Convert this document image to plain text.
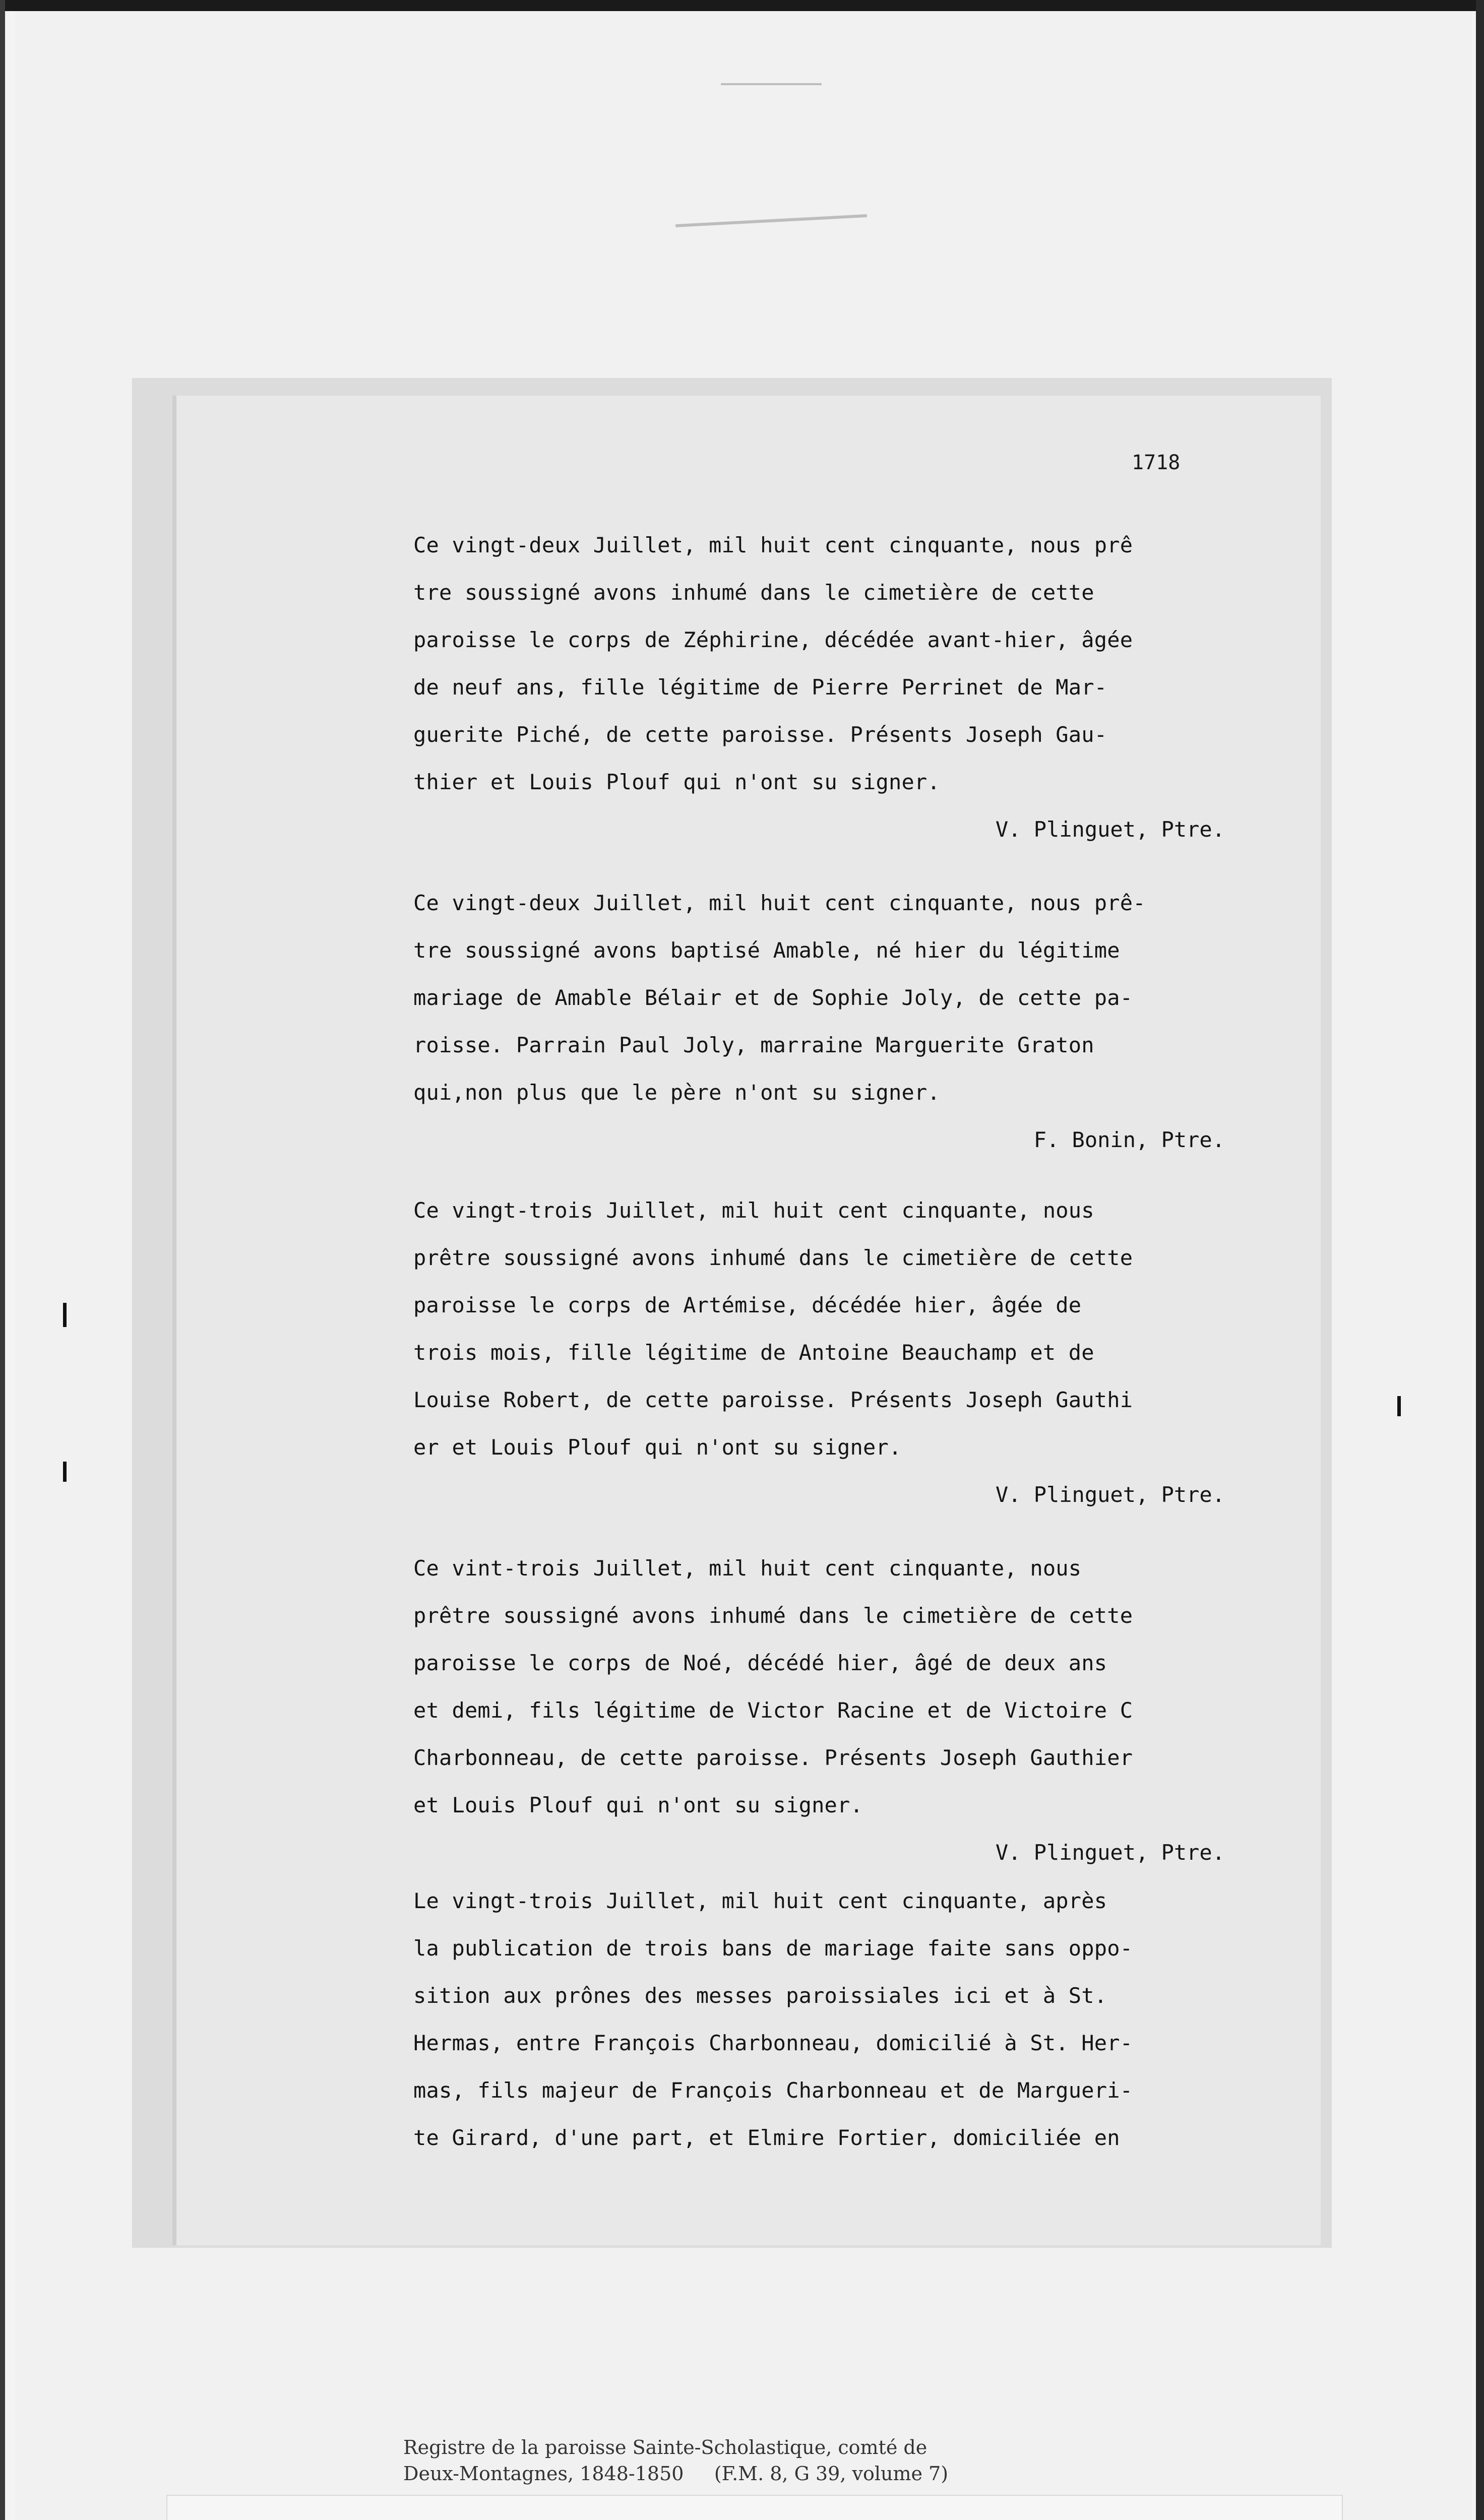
1718
Ce vingt-deux Juillet, mil huit cent cinquante, nous prê
tre soussigné avons inhumé dans le cimetière de cette
paroisse le corps de Zéphirine, décédée avant-hier, âgée
de neuf ans, fille légitime de Pierre Perrinet de Mar-
guerite Piché, de cette paroisse. Présents Joseph Gau-
thier et Louis Plouf qui n'ont su signer.
V. Plinguet, Ptre.
Ce vingt-deux Juillet, mil huit cent cinquante, nous prê-
tre soussigné avons baptisé Amable, né hier du légitime
mariage de Amable Bélair et de Sophie Joly, de cette pa-
roisse. Parrain Paul Joly, marraine Marguerite Graton
qui,non plus que le père n'ont su signer.
F. Bonin, Ptre.
Ce vingt-trois Juillet, mil huit cent cinquante, nous
prêtre soussigné avons inhumé dans le cimetière de cette
paroisse le corps de Artémise, décédée hier, âgée de
trois mois, fille légitime de Antoine Beauchamp et de
Louise Robert, de cette paroisse. Présents Joseph Gauthi
er et Louis Plouf qui n'ont su signer.
V. Plinguet, Ptre.
Ce vint-trois Juillet, mil huit cent cinquante, nous
prêtre soussigné avons inhumé dans le cimetière de cette
paroisse le corps de Noé, décédé hier, âgé de deux ans
et demi, fils légitime de Victor Racine et de Victoire C
Charbonneau, de cette paroisse. Présents Joseph Gauthier
et Louis Plouf qui n'ont su signer.
V. Plinguet, Ptre.
Le vingt-trois Juillet, mil huit cent cinquante, après
la publication de trois bans de mariage faite sans oppo-
sition aux prônes des messes paroissiales ici et à St.
Hermas, entre François Charbonneau, domicilié à St. Her-
mas, fils majeur de François Charbonneau et de Margueri-
te Girard, d'une part, et Elmire Fortier, domiciliée en
Registre de la paroisse Sainte-Scholastique, comté de
Deux-Montagnes, 1848-1850     (F.M. 8, G 39, volume 7)
